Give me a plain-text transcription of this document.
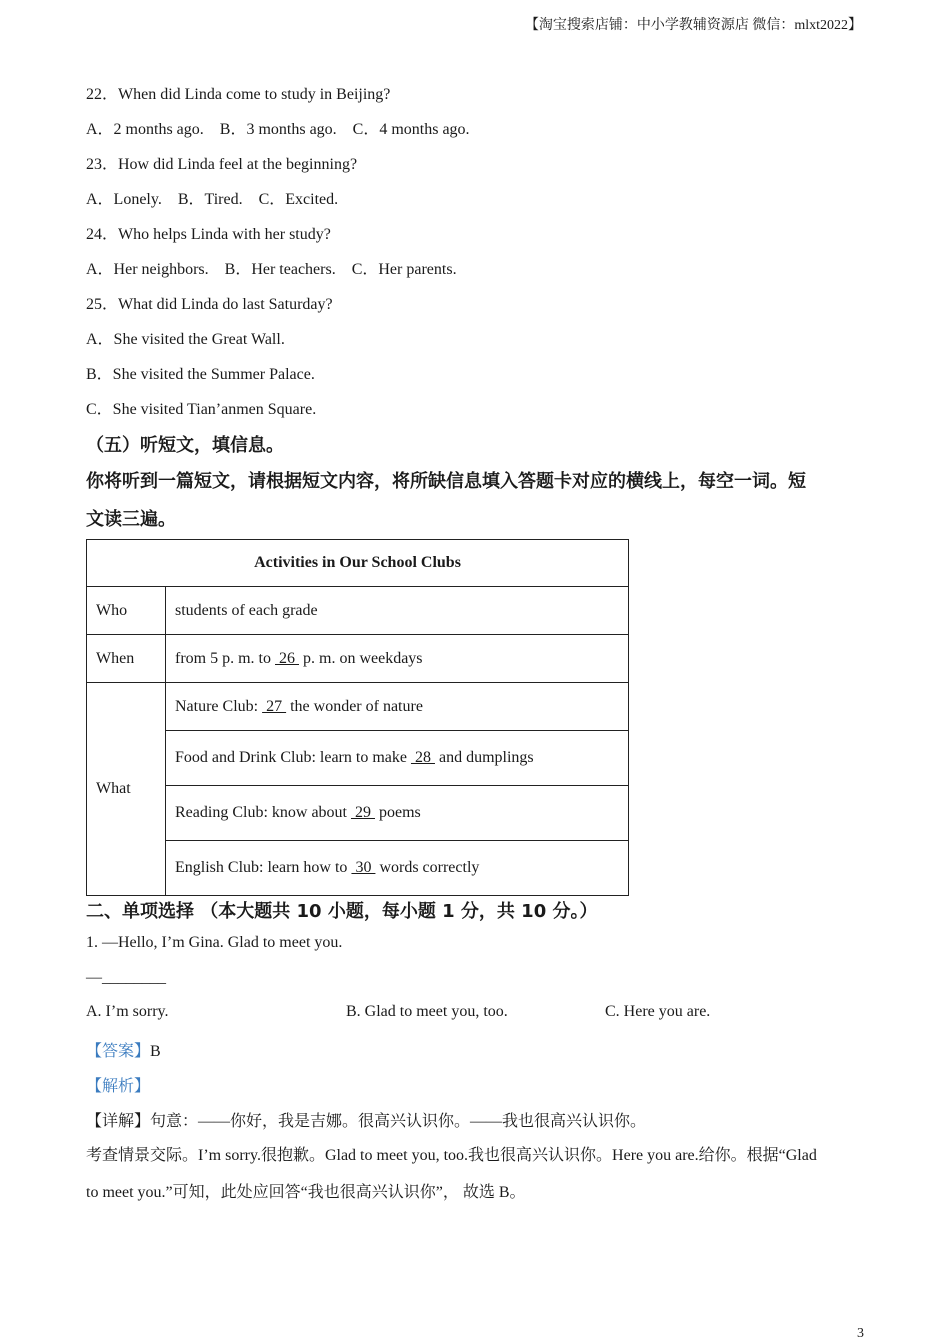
【淘宝搜索店铺：中小学教辅资源店 微信：mlxt2022】
22．When did Linda come to study in Beijing?
A．2 months ago.    B．3 months ago.    C．4 months ago.
23．How did Linda feel at the beginning?
A．Lonely.    B．Tired.    C．Excited.
24．Who helps Linda with her study?
A．Her neighbors.    B．Her teachers.    C．Her parents.
25．What did Linda do last Saturday?
A．She visited the Great Wall.
B．She visited the Summer Palace.
C．She visited Tian’anmen Square.
（五）听短文，填信息。
你将听到一篇短文，请根据短文内容，将所缺信息填入答题卡对应的横线上，每空一词。短
文读三遍。
Activities in Our School Clubs	
Who	students of each grade
When	from 5 p. m. to  26  p. m. on weekdays
What	Nature Club:  27  the wonder of nature
	Food and Drink Club: learn to make  28  and dumplings
	Reading Club: know about  29  poems
	English Club: learn how to  30  words correctly
二、单项选择 （本大题共 10 小题，每小题 1 分，共 10 分。）
1. —Hello, I’m Gina. Glad to meet you.
—________
A. I’m sorry.	B. Glad to meet you, too.	C. Here you are.
【答案】B
【解析】
【详解】句意：——你好，我是吉娜。很高兴认识你。——我也很高兴认识你。
考查情景交际。I’m sorry.很抱歉。Glad to meet you, too.我也很高兴认识你。Here you are.给你。根据“Glad
to meet you.”可知，此处应回答“我也很高兴认识你”， 故选 B。
3
